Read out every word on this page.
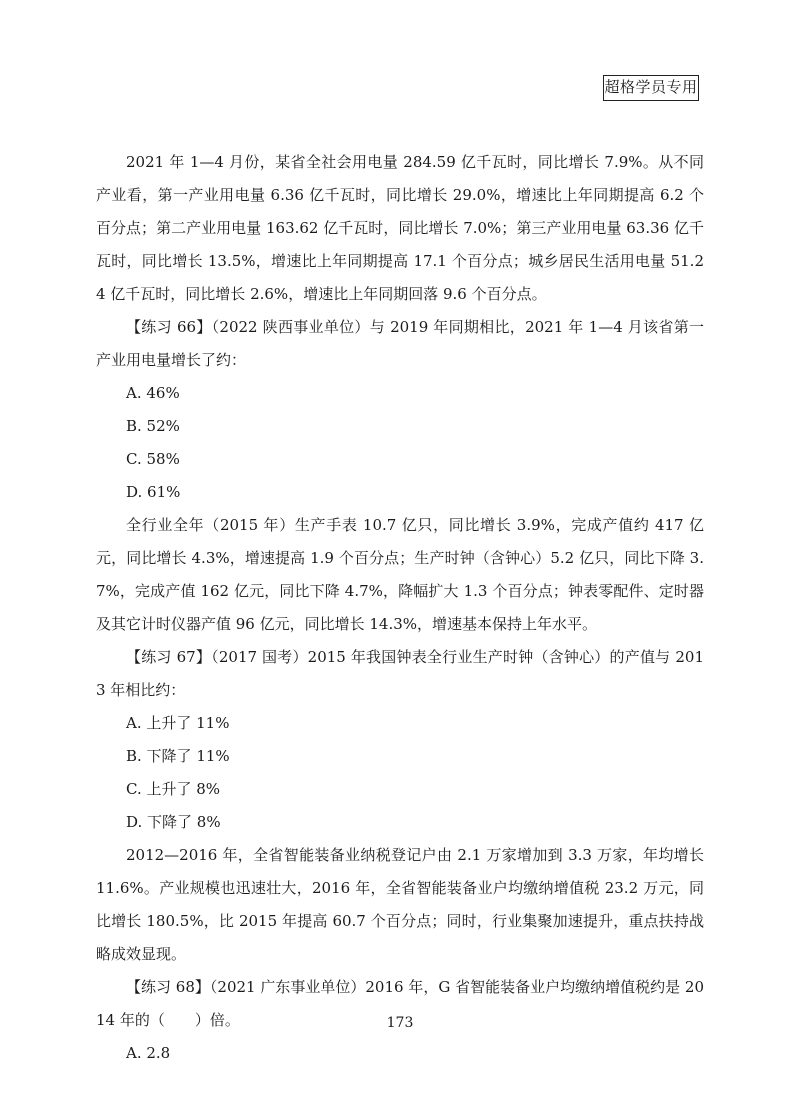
超格学员专用

2021 年 1—4 月份，某省全社会用电量 284.59 亿千瓦时，同比增长 7.9%。从不同产业看，第一产业用电量 6.36 亿千瓦时，同比增长 29.0%，增速比上年同期提高 6.2 个百分点；第二产业用电量 163.62 亿千瓦时，同比增长 7.0%；第三产业用电量 63.36 亿千瓦时，同比增长 13.5%，增速比上年同期提高 17.1 个百分点；城乡居民生活用电量 51.24 亿千瓦时，同比增长 2.6%，增速比上年同期回落 9.6 个百分点。

【练习 66】（2022 陕西事业单位）与 2019 年同期相比，2021 年 1—4 月该省第一产业用电量增长了约：

A. 46%

B. 52%

C. 58%

D. 61%

全行业全年（2015 年）生产手表 10.7 亿只，同比增长 3.9%，完成产值约 417 亿元，同比增长 4.3%，增速提高 1.9 个百分点；生产时钟（含钟心）5.2 亿只，同比下降 3.7%，完成产值 162 亿元，同比下降 4.7%，降幅扩大 1.3 个百分点；钟表零配件、定时器及其它计时仪器产值 96 亿元，同比增长 14.3%，增速基本保持上年水平。

【练习 67】（2017 国考）2015 年我国钟表全行业生产时钟（含钟心）的产值与 2013 年相比约：

A. 上升了 11%

B. 下降了 11%

C. 上升了 8%

D. 下降了 8%

2012—2016 年，全省智能装备业纳税登记户由 2.1 万家增加到 3.3 万家，年均增长 11.6%。产业规模也迅速壮大，2016 年，全省智能装备业户均缴纳增值税 23.2 万元，同比增长 180.5%，比 2015 年提高 60.7 个百分点；同时，行业集聚加速提升，重点扶持战略成效显现。

【练习 68】（2021 广东事业单位）2016 年，G 省智能装备业户均缴纳增值税约是 2014 年的（　　）倍。

A. 2.8

173
